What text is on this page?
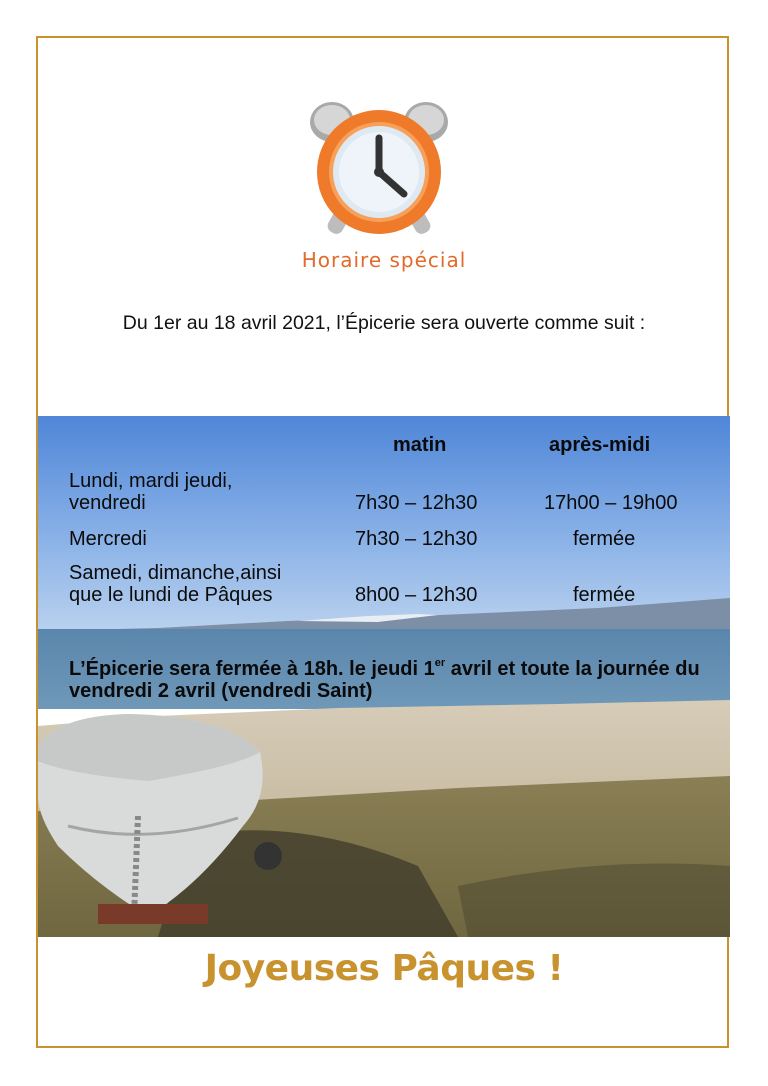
Horaire spécial
Du 1er au 18 avril 2021, l’Épicerie sera ouverte comme suit :
matin	après-midi
Lundi, mardi jeudi,
vendredi	7h30 – 12h30	17h00 – 19h00
Mercredi	7h30 – 12h30	fermée
Samedi, dimanche,ainsi
que le lundi de Pâques	8h00 – 12h30	fermée
L’Épicerie sera fermée à 18h. le jeudi 1er avril et toute la journée du vendredi 2 avril (vendredi Saint)
Joyeuses Pâques !
